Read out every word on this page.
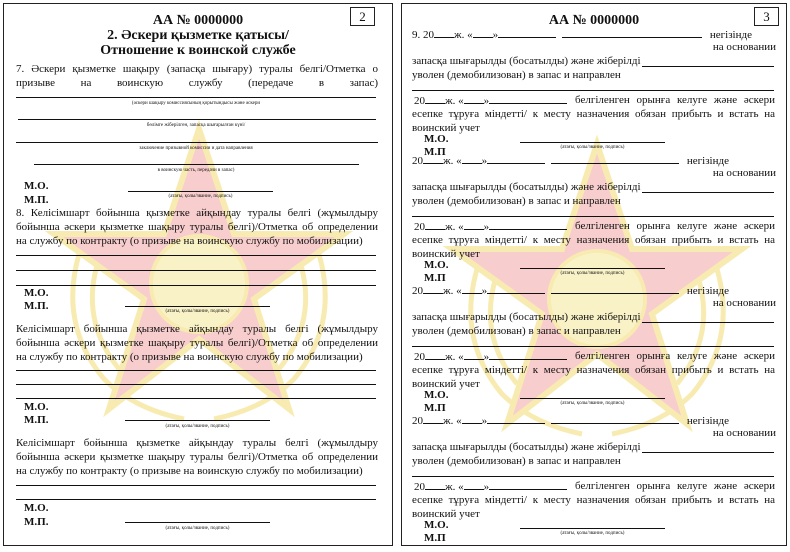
АА № 0000000	2
2. Әскери қызметке қатысы/
Отношение к воинской службе
7. Әскери қызметке шақыру (запасқа шығару) туралы белгі/Отметка о призыве на воинскую службу (передаче в запас)
(әскери шақыру комиссиясының қорытындысы және әскери
бөлімге жіберілген, запасқа шығарылған күні/
заключение призывной комиссии и дата направления
в воинскую часть, передачи в запас)
М.О.
М.П.	(атағы, қолы/звание, подпись)
8. Келісімшарт бойынша қызметке айқындау туралы белгі (жұмылдыру бойынша әскери қызметке шақыру туралы белгі)/Отметка об определении на службу по контракту (о призыве на воинскую службу по мобилизации)
М.О.
М.П.	(атағы, қолы/звание, подпись)
Келісімшарт бойынша қызметке айқындау туралы белгі (жұмылдыру бойынша әскери қызметке шақыру туралы белгі)/Отметка об определении на службу по контракту (о призыве на воинскую службу по мобилизации)
М.О.
М.П.
(атағы, қолы/звание, подпись)
Келісімшарт бойынша қызметке айқындау туралы белгі (жұмылдыру бойынша әскери қызметке шақыру туралы белгі)/Отметка об определении на службу по контракту (о призыве на воинскую службу по мобилизации)
М.О.
М.П.
(атағы, қолы/звание, подпись)
АА № 0000000	3
9. 20 ж. « »	негізінде
на основании
запасқа шығарылды (босатылды) және жіберілді
уволен (демобилизован) в запас и направлен
20 ж. « »	белгіленген орынға келуге және әскери есепке тұруға міндетті/ к месту назначения обязан прибыть и встать на воинский учет
М.О.
М.П	(атағы, қолы/звание, подпись)
20 ж. « »	негізінде
на основании
запасқа шығарылды (босатылды) және жіберілді
уволен (демобилизован) в запас и направлен
20 ж. « »	белгіленген орынға келуге және әскери есепке тұруға міндетті/ к месту назначения обязан прибыть и встать на воинский учет
М.О.
М.П	(атағы, қолы/звание, подпись)
20 ж. « »	негізінде
на основании
запасқа шығарылды (босатылды) және жіберілді
уволен (демобилизован) в запас и направлен
20 ж. « »	белгіленген орынға келуге және әскери есепке тұруға міндетті/ к месту назначения обязан прибыть и встать на воинский учет
М.О.
М.П	(атағы, қолы/звание, подпись)
20 ж. « »	негізінде
на основании
запасқа шығарылды (босатылды) және жіберілді
уволен (демобилизован) в запас и направлен
20 ж. « »	белгіленген орынға келуге және әскери есепке тұруға міндетті/ к месту назначения обязан прибыть и встать на воинский учет
М.О.
М.П	(атағы, қолы/звание, подпись)
